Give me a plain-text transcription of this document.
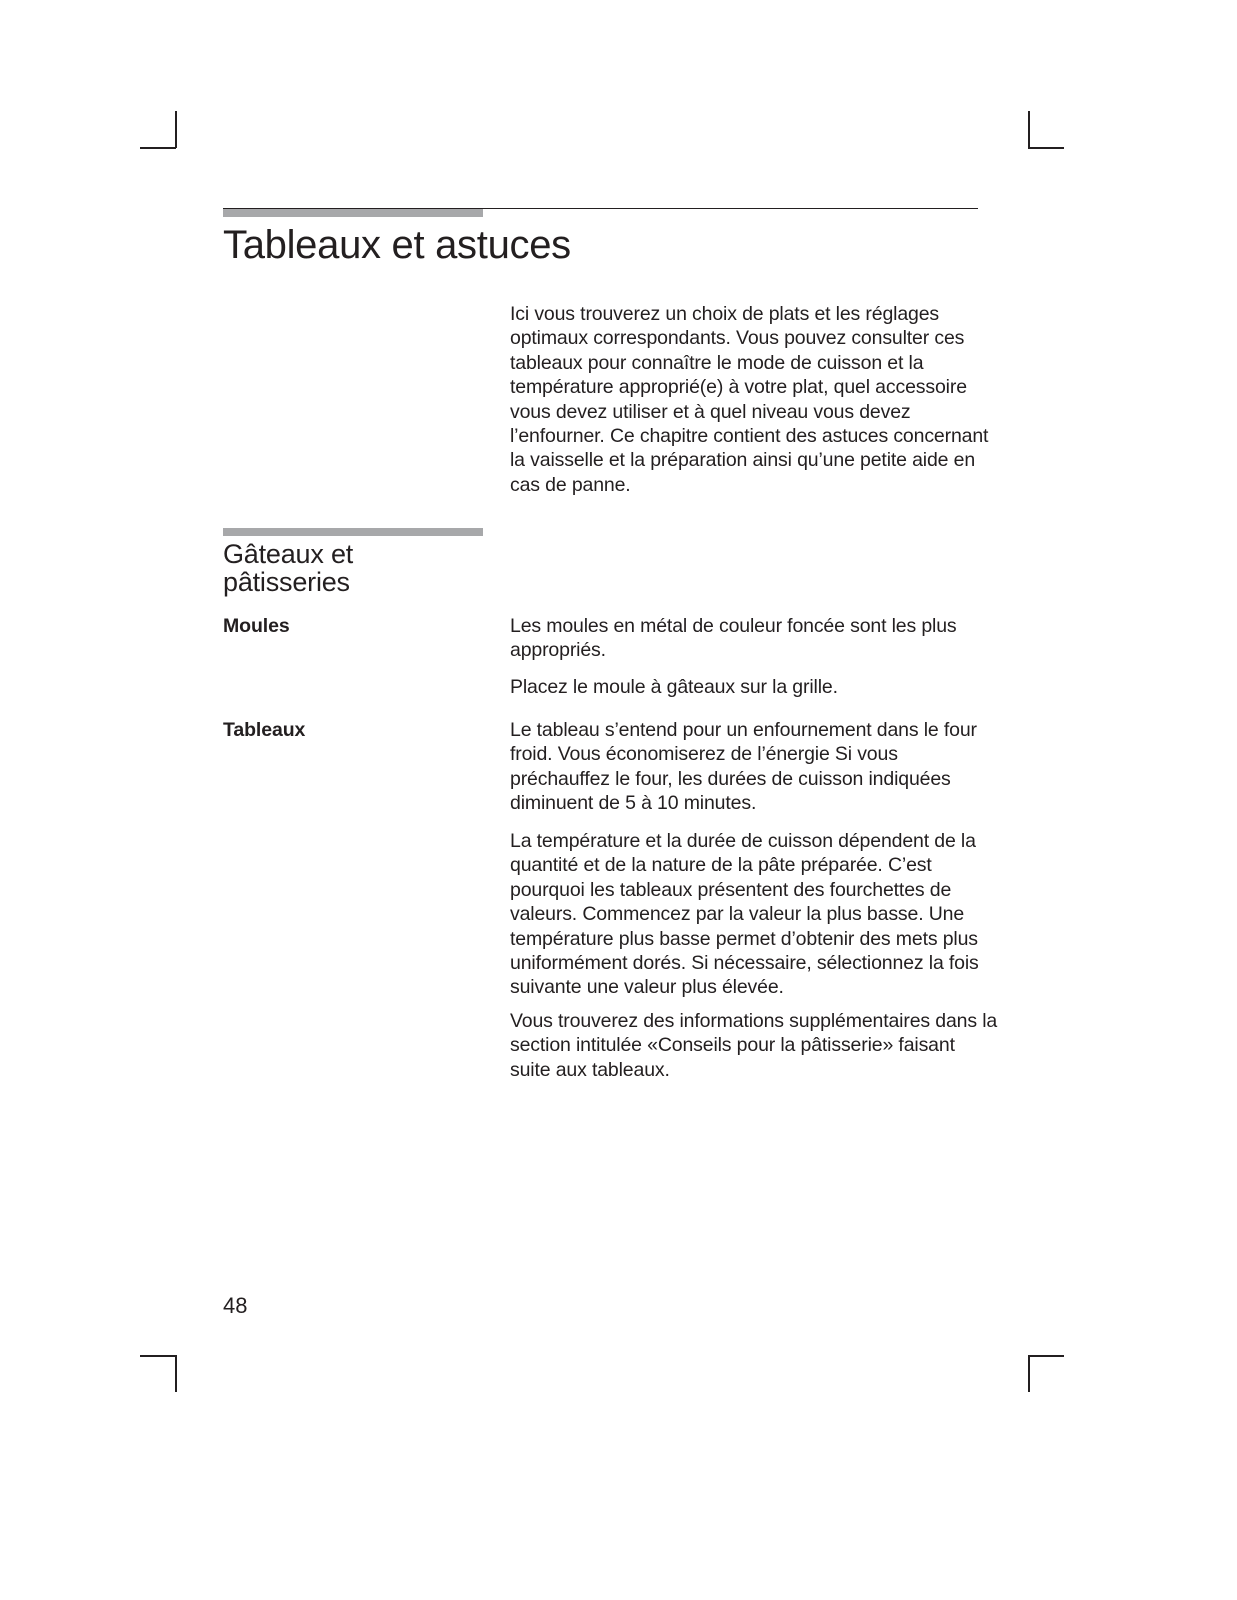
Tableaux et astuces

Ici vous trouverez un choix de plats et les réglages optimaux correspondants. Vous pouvez consulter ces tableaux pour connaître le mode de cuisson et la température approprié(e) à votre plat, quel accessoire vous devez utiliser et à quel niveau vous devez l’enfourner. Ce chapitre contient des astuces concernant la vaisselle et la préparation ainsi qu’une petite aide en cas de panne.

Gâteaux et pâtisseries

Moules	Les moules en métal de couleur foncée sont les plus appropriés.

Placez le moule à gâteaux sur la grille.

Tableaux	Le tableau s’entend pour un enfournement dans le four froid. Vous économiserez de l’énergie Si vous préchauffez le four, les durées de cuisson indiquées diminuent de 5 à 10 minutes.

La température et la durée de cuisson dépendent de la quantité et de la nature de la pâte préparée. C’est pourquoi les tableaux présentent des fourchettes de valeurs. Commencez par la valeur la plus basse. Une température plus basse permet d’obtenir des mets plus uniformément dorés. Si nécessaire, sélectionnez la fois suivante une valeur plus élevée.

Vous trouverez des informations supplémentaires dans la section intitulée «Conseils pour la pâtisserie» faisant suite aux tableaux.

48
